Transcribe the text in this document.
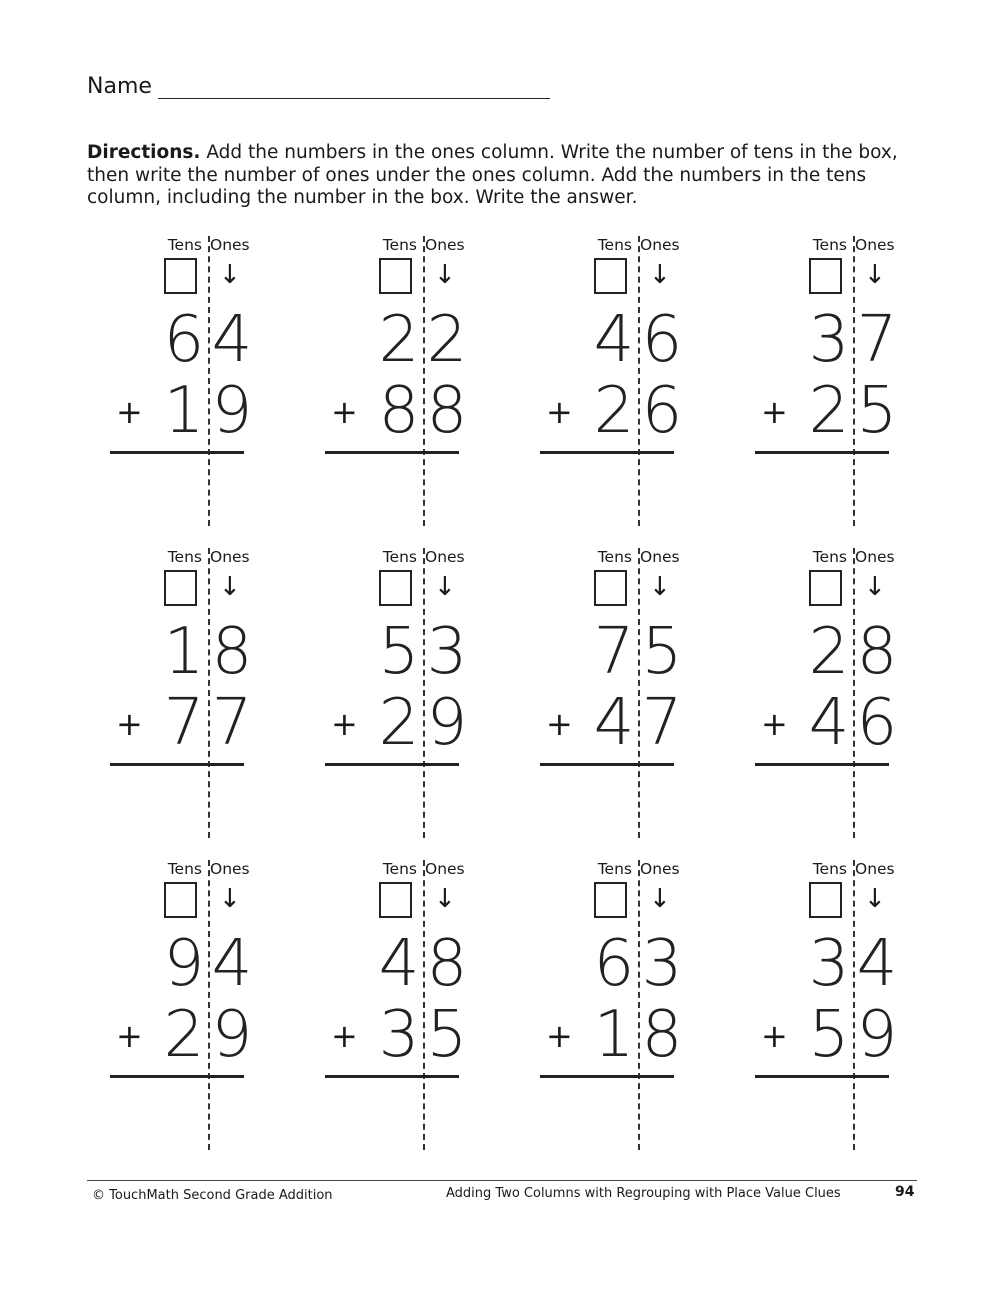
Name
Directions. Add the numbers in the ones column. Write the number of tens in the box, then write the number of ones under the ones column. Add the numbers in the tens column, including the number in the box. Write the answer.
Tens Ones
↓
6 4
+ 1 9
Tens Ones
↓
2 2
+ 8 8
Tens Ones
↓
4 6
+ 2 6
Tens Ones
↓
3 7
+ 2 5
Tens Ones
↓
1 8
+ 7 7
Tens Ones
↓
5 3
+ 2 9
Tens Ones
↓
7 5
+ 4 7
Tens Ones
↓
2 8
+ 4 6
Tens Ones
↓
9 4
+ 2 9
Tens Ones
↓
4 8
+ 3 5
Tens Ones
↓
6 3
+ 1 8
Tens Ones
↓
3 4
+ 5 9
© TouchMath Second Grade Addition	Adding Two Columns with Regrouping with Place Value Clues	94
